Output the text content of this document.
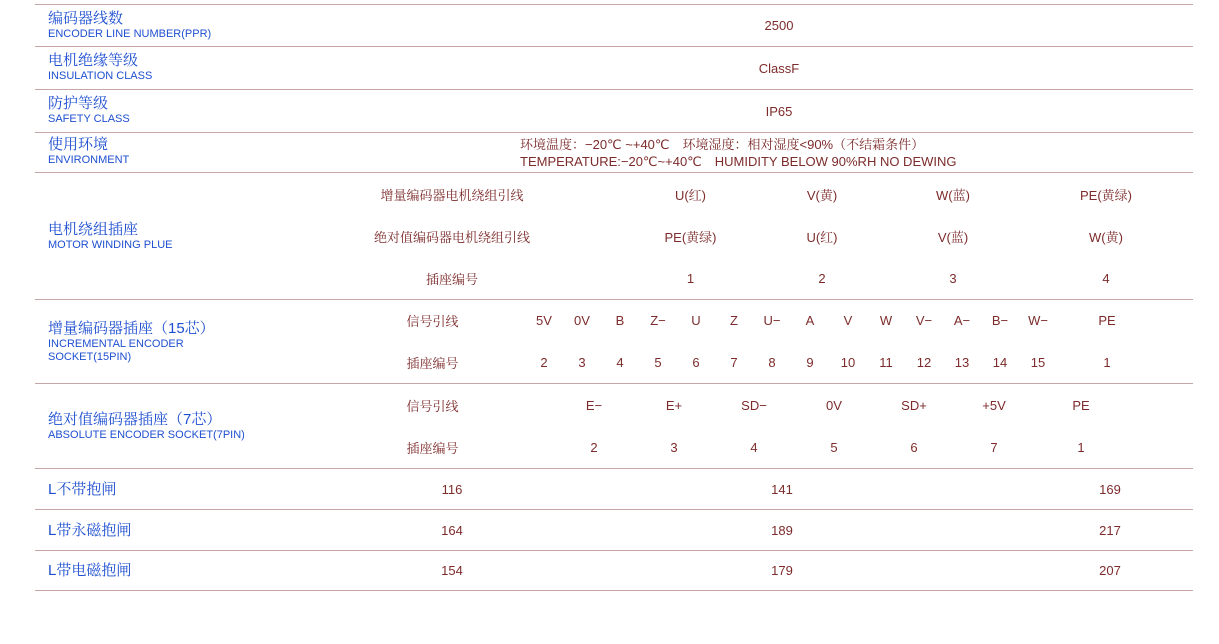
编码器线数
ENCODER LINE NUMBER(PPR)
2500
电机绝缘等级
INSULATION CLASS
ClassF
防护等级
SAFETY CLASS
IP65
使用环境
ENVIRONMENT
环境温度：−20℃ ~+40℃　环境湿度：相对湿度<90%（不结霜条件）
TEMPERATURE:−20℃~+40℃　HUMIDITY BELOW 90%RH NO DEWING
电机绕组插座
MOTOR WINDING PLUE
增量编码器电机绕组引线	U(红)	V(黄)	W(蓝)	PE(黄绿)
绝对值编码器电机绕组引线	PE(黄绿)	U(红)	V(蓝)	W(黄)
插座编号	1	2	3	4
增量编码器插座（15芯）
INCREMENTAL ENCODER
SOCKET(15PIN)
信号引线	5V	0V	B	Z−	U	Z	U−	A	V	W	V−	A−	B−	W−	PE
插座编号	2	3	4	5	6	7	8	9	10	11	12	13	14	15	1
绝对值编码器插座（7芯）
ABSOLUTE ENCODER SOCKET(7PIN)
信号引线	E−	E+	SD−	0V	SD+	+5V	PE
插座编号	2	3	4	5	6	7	1
L不带抱闸	116	141	169
L带永磁抱闸	164	189	217
L带电磁抱闸	154	179	207
